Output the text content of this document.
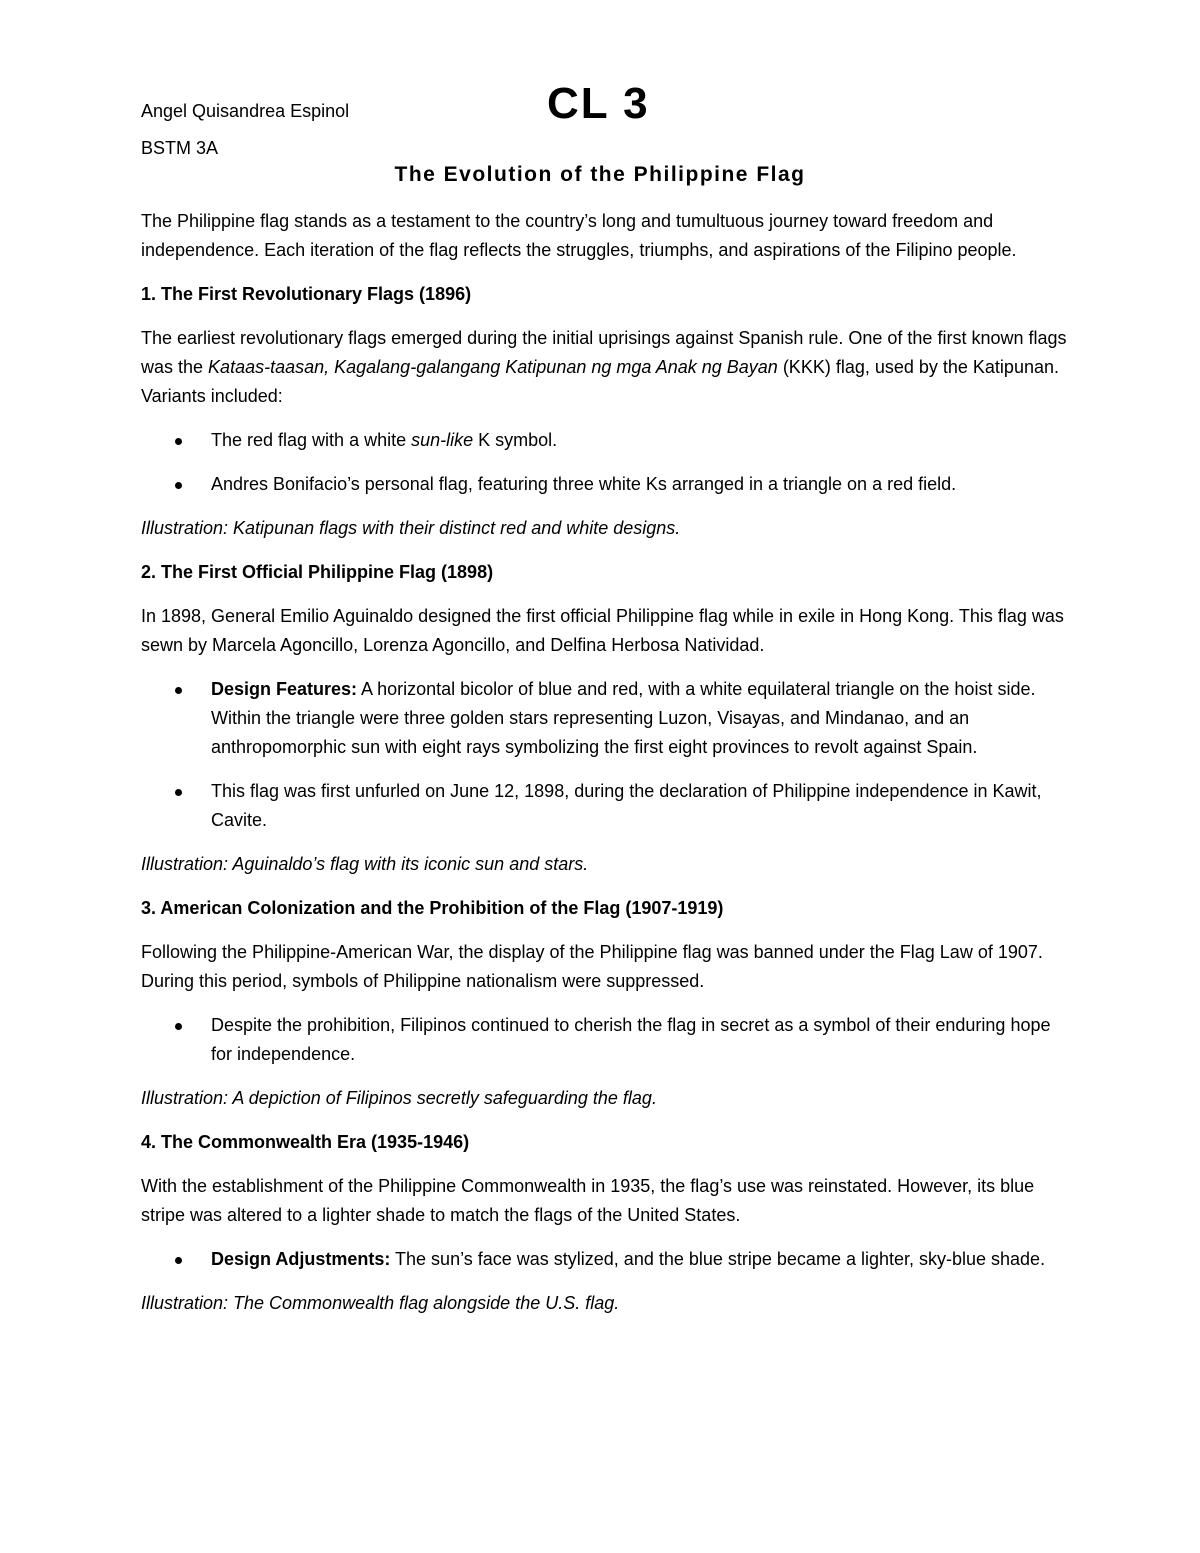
Angel Quisandrea Espinol	CL 3
BSTM 3A
The Evolution of the Philippine Flag

The Philippine flag stands as a testament to the country’s long and tumultuous journey toward freedom and independence. Each iteration of the flag reflects the struggles, triumphs, and aspirations of the Filipino people.

1. The First Revolutionary Flags (1896)

The earliest revolutionary flags emerged during the initial uprisings against Spanish rule. One of the first known flags was the Kataas-taasan, Kagalang-galangang Katipunan ng mga Anak ng Bayan (KKK) flag, used by the Katipunan. Variants included:

The red flag with a white sun-like K symbol.
Andres Bonifacio’s personal flag, featuring three white Ks arranged in a triangle on a red field.

Illustration: Katipunan flags with their distinct red and white designs.

2. The First Official Philippine Flag (1898)

In 1898, General Emilio Aguinaldo designed the first official Philippine flag while in exile in Hong Kong. This flag was sewn by Marcela Agoncillo, Lorenza Agoncillo, and Delfina Herbosa Natividad.

Design Features: A horizontal bicolor of blue and red, with a white equilateral triangle on the hoist side. Within the triangle were three golden stars representing Luzon, Visayas, and Mindanao, and an anthropomorphic sun with eight rays symbolizing the first eight provinces to revolt against Spain.
This flag was first unfurled on June 12, 1898, during the declaration of Philippine independence in Kawit, Cavite.

Illustration: Aguinaldo’s flag with its iconic sun and stars.

3. American Colonization and the Prohibition of the Flag (1907-1919)

Following the Philippine-American War, the display of the Philippine flag was banned under the Flag Law of 1907. During this period, symbols of Philippine nationalism were suppressed.

Despite the prohibition, Filipinos continued to cherish the flag in secret as a symbol of their enduring hope for independence.

Illustration: A depiction of Filipinos secretly safeguarding the flag.

4. The Commonwealth Era (1935-1946)

With the establishment of the Philippine Commonwealth in 1935, the flag’s use was reinstated. However, its blue stripe was altered to a lighter shade to match the flags of the United States.

Design Adjustments: The sun’s face was stylized, and the blue stripe became a lighter, sky-blue shade.

Illustration: The Commonwealth flag alongside the U.S. flag.
